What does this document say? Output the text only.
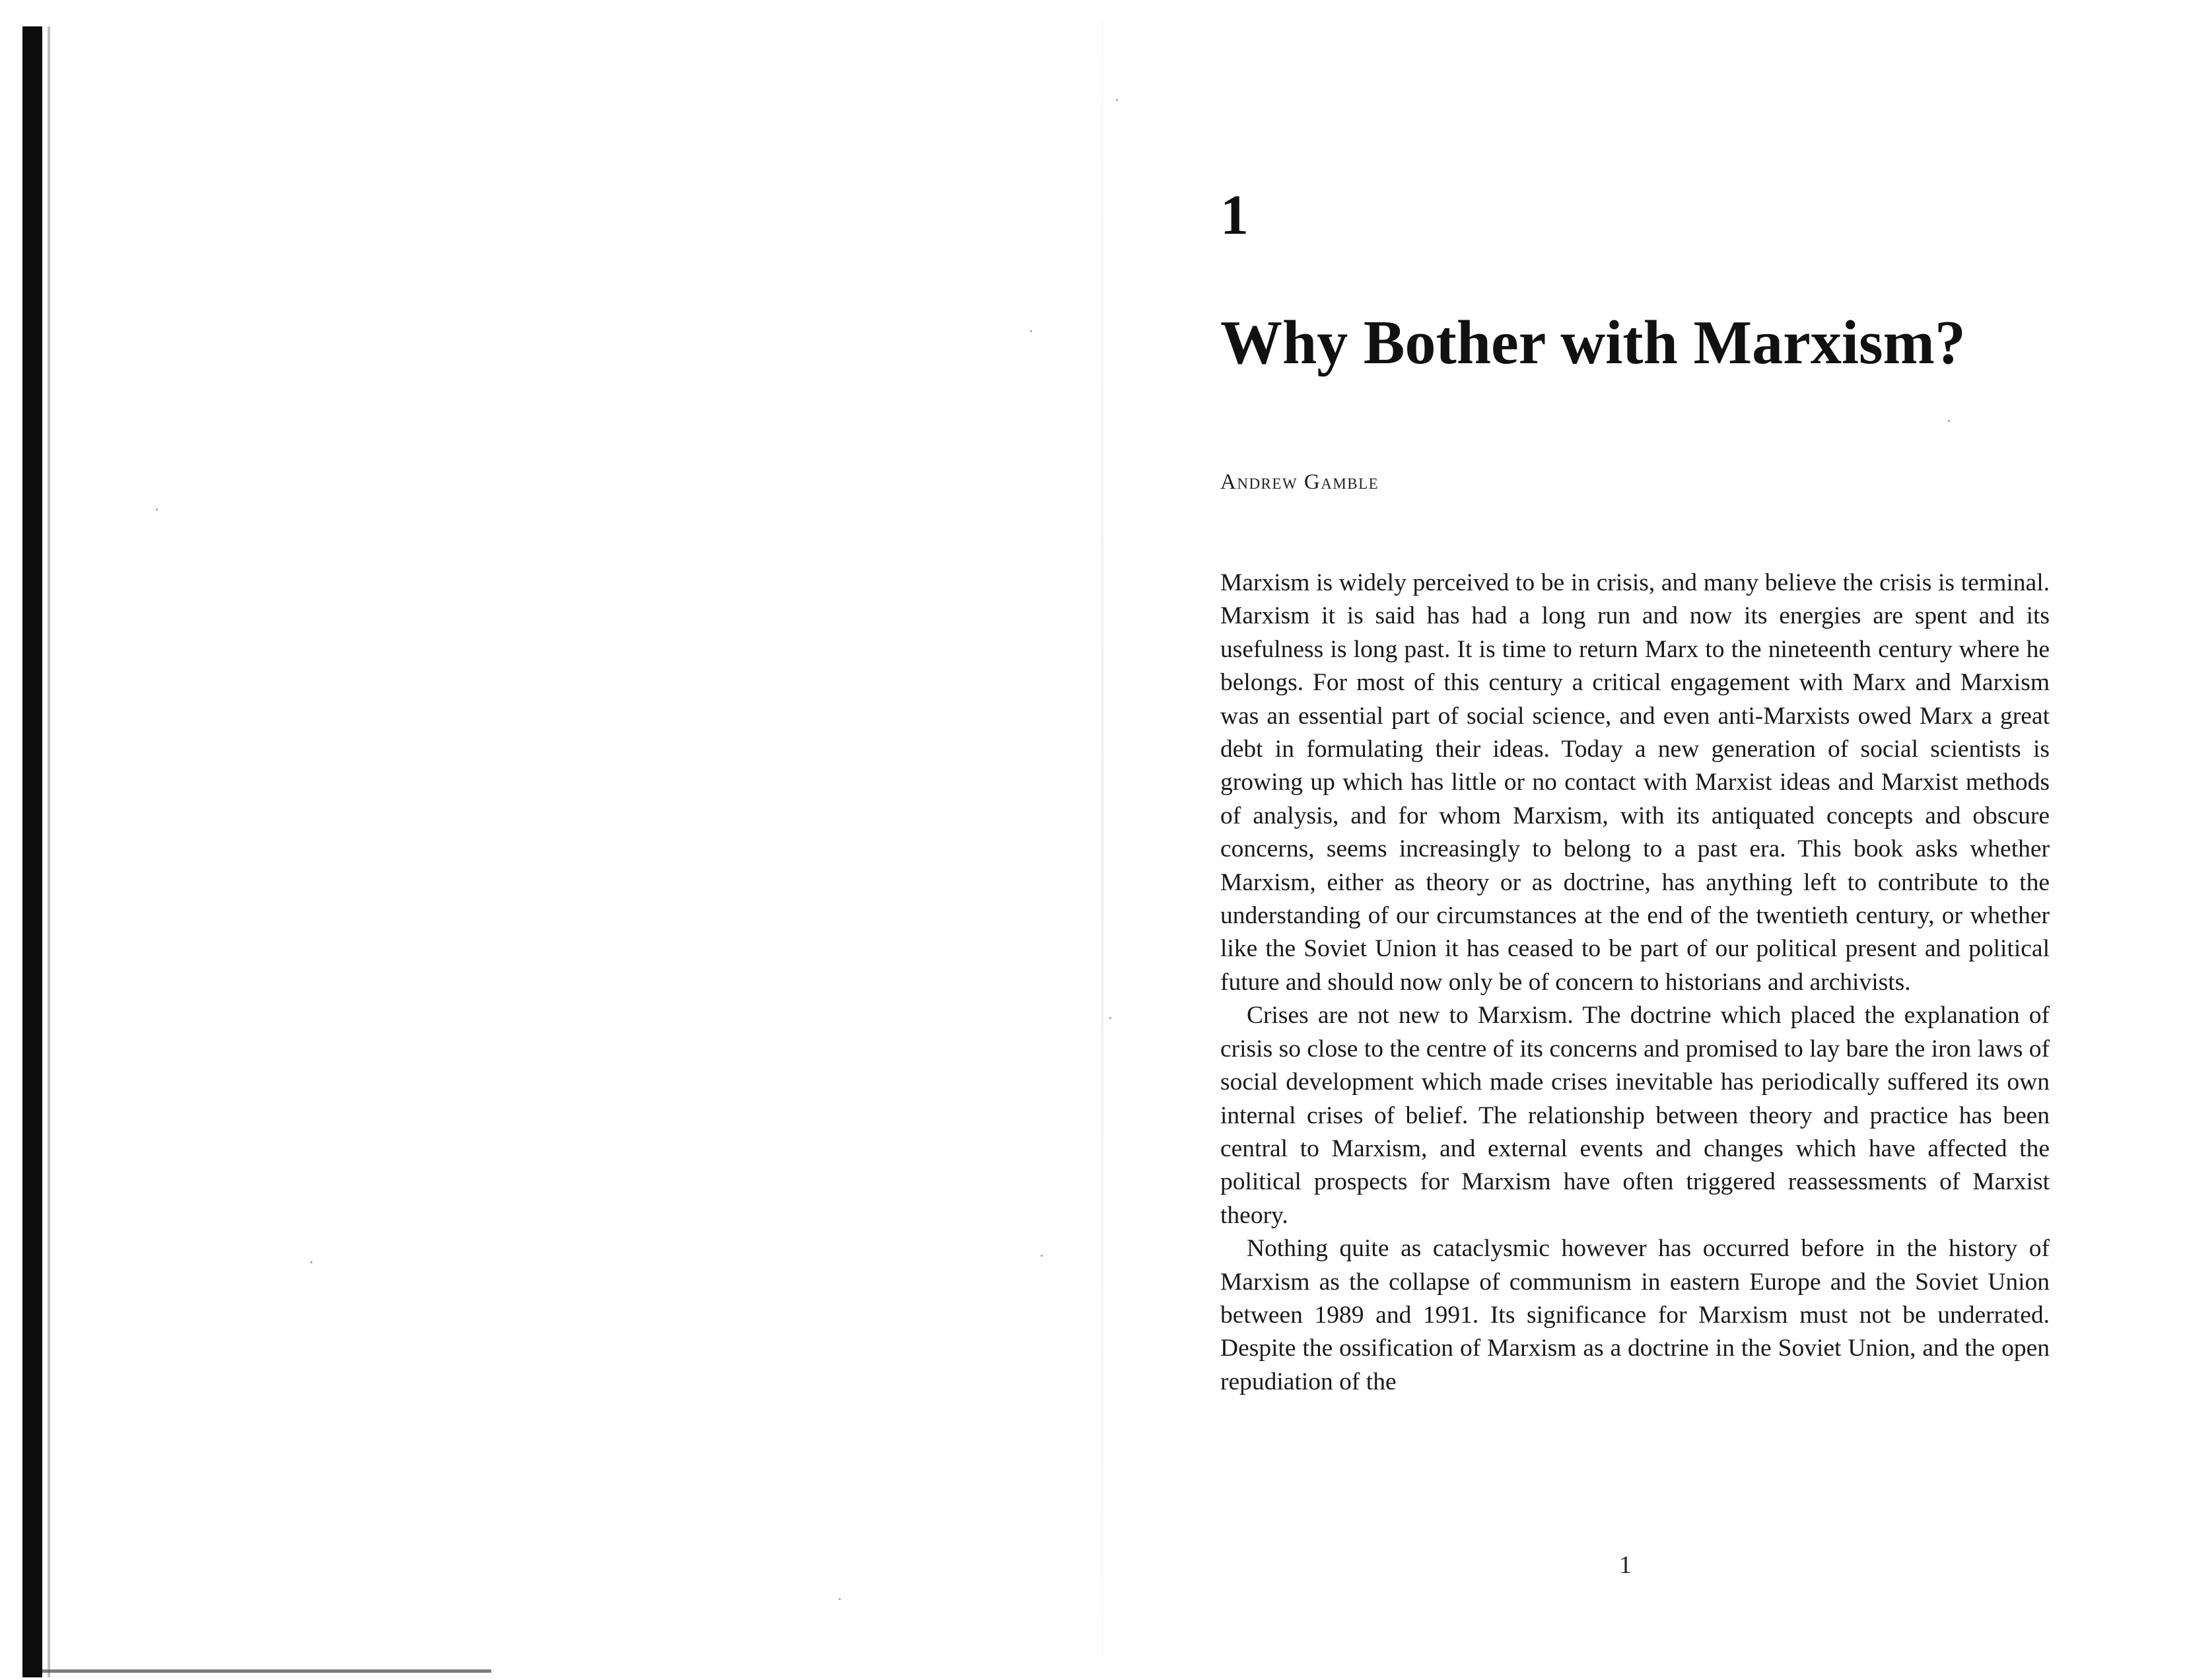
1
Why Bother with Marxism?
Andrew Gamble

Marxism is widely perceived to be in crisis, and many believe the crisis is terminal. Marxism it is said has had a long run and now its energies are spent and its usefulness is long past. It is time to return Marx to the nineteenth century where he belongs. For most of this century a critical engagement with Marx and Marxism was an essential part of social science, and even anti-Marxists owed Marx a great debt in formulating their ideas. Today a new generation of social scientists is growing up which has little or no contact with Marxist ideas and Marxist methods of analysis, and for whom Marxism, with its antiquated concepts and obscure concerns, seems increasingly to belong to a past era. This book asks whether Marxism, either as theory or as doctrine, has anything left to contribute to the understanding of our circumstances at the end of the twentieth century, or whether like the Soviet Union it has ceased to be part of our political present and political future and should now only be of concern to historians and archivists.

Crises are not new to Marxism. The doctrine which placed the explanation of crisis so close to the centre of its concerns and promised to lay bare the iron laws of social development which made crises inevitable has periodically suffered its own internal crises of belief. The relationship between theory and practice has been central to Marxism, and external events and changes which have affected the political prospects for Marxism have often triggered reassessments of Marxist theory.

Nothing quite as cataclysmic however has occurred before in the history of Marxism as the collapse of communism in eastern Europe and the Soviet Union between 1989 and 1991. Its significance for Marxism must not be underrated. Despite the ossification of Marxism as a doctrine in the Soviet Union, and the open repudiation of the

1
